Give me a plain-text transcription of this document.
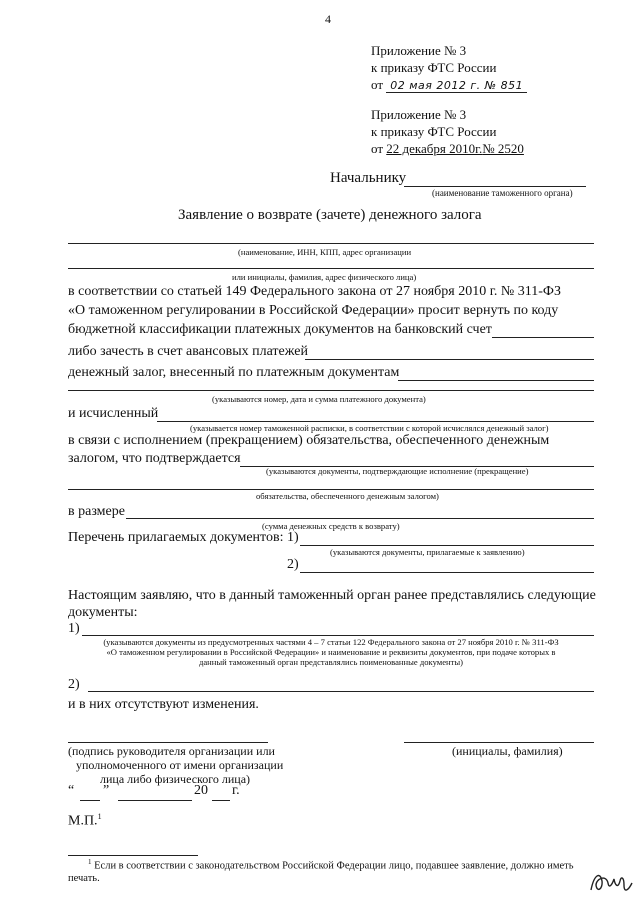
4
Приложение № 3
к приказу ФТС России
от 02 мая 2012 г. № 851
Приложение № 3
к приказу ФТС России
от 22 декабря 2010г.№ 2520
Начальнику
(наименование таможенного органа)
Заявление о возврате (зачете) денежного залога
(наименование, ИНН, КПП, адрес организации
или инициалы, фамилия, адрес физического лица)
в соответствии со статьей 149 Федерального закона от 27 ноября 2010 г. № 311-ФЗ
«О таможенном регулировании в Российской Федерации» просит вернуть по коду
бюджетной классификации платежных документов на банковский счет
либо зачесть в счет авансовых платежей
денежный залог, внесенный по платежным документам
(указываются номер, дата и сумма платежного документа)
и исчисленный
(указывается номер таможенной расписки, в соответствии с которой исчислялся денежный залог)
в связи с исполнением (прекращением) обязательства, обеспеченного денежным
залогом, что подтверждается
(указываются документы, подтверждающие исполнение (прекращение)
обязательства, обеспеченного денежным залогом)
в размере
(сумма денежных средств к возврату)
Перечень прилагаемых документов: 1)
(указываются документы, прилагаемые к заявлению)
2)
Настоящим заявляю, что в данный таможенный орган ранее представлялись следующие
документы:
1)
(указываются документы из предусмотренных частями 4 – 7 статьи 122 Федерального закона от 27 ноября 2010 г. № 311-ФЗ
«О таможенном регулировании в Российской Федерации» и наименование и реквизиты документов, при подаче которых в
данный таможенный орган представлялись поименованные документы)
2)
и в них отсутствуют изменения.
(подпись руководителя организации или
уполномоченного от имени организации
лица либо физического лица)
(инициалы, фамилия)
“ ”	20 г.
М.П.$^1$
$^1$ Если в соответствии с законодательством Российской Федерации лицо, подавшее заявление, должно иметь
печать.
